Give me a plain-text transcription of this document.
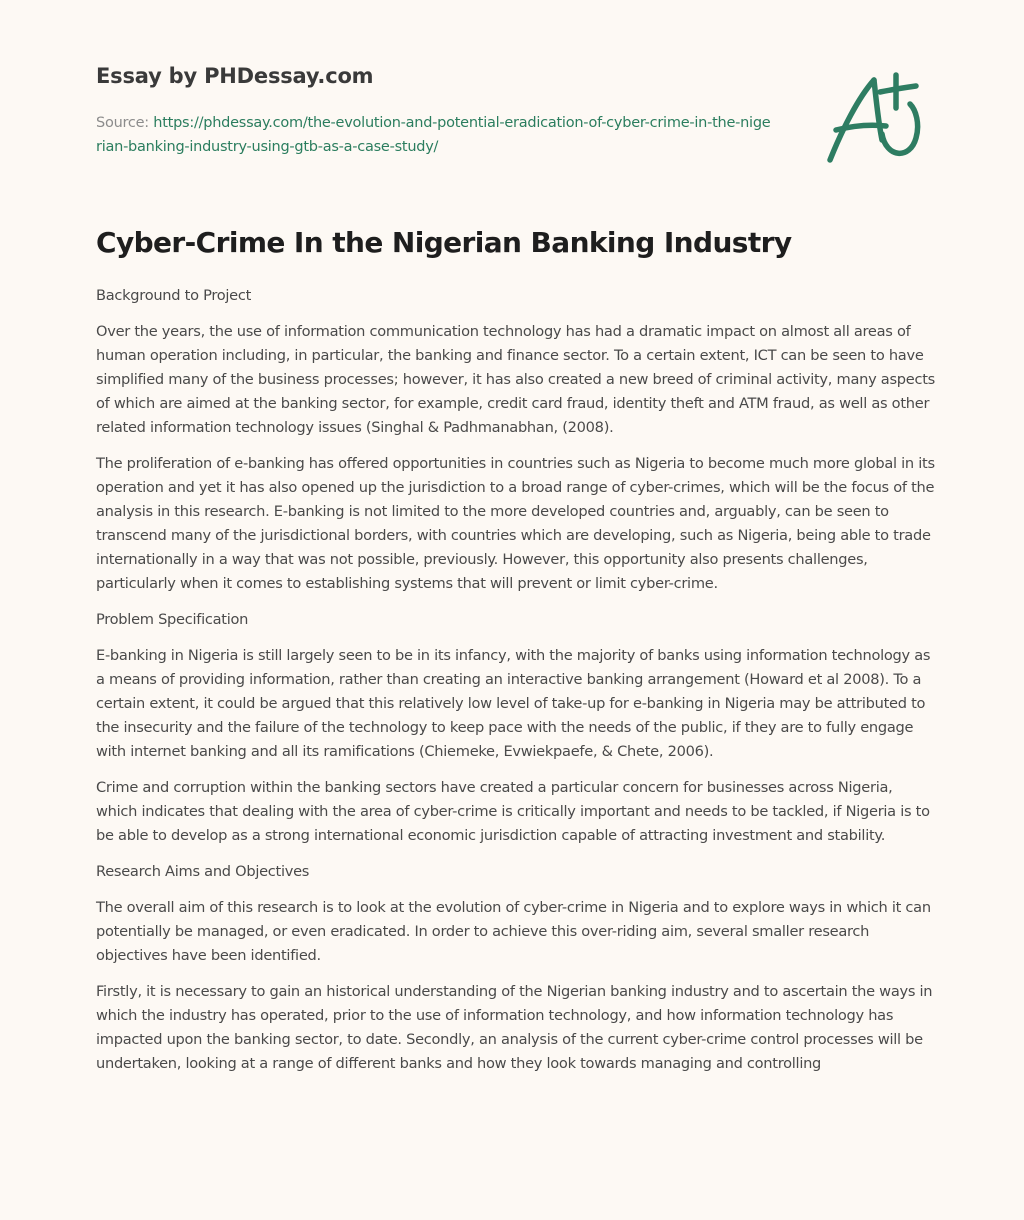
Essay by PHDessay.com
Source: https://phdessay.com/the-evolution-and-potential-eradication-of-cyber-crime-in-the-nigerian-banking-industry-using-gtb-as-a-case-study/
Cyber-Crime In the Nigerian Banking Industry

Background to Project

Over the years, the use of information communication technology has had a dramatic impact on almost all areas of human operation including, in particular, the banking and finance sector. To a certain extent, ICT can be seen to have simplified many of the business processes; however, it has also created a new breed of criminal activity, many aspects of which are aimed at the banking sector, for example, credit card fraud, identity theft and ATM fraud, as well as other related information technology issues (Singhal & Padhmanabhan, (2008).

The proliferation of e-banking has offered opportunities in countries such as Nigeria to become much more global in its operation and yet it has also opened up the jurisdiction to a broad range of cyber-crimes, which will be the focus of the analysis in this research. E-banking is not limited to the more developed countries and, arguably, can be seen to transcend many of the jurisdictional borders, with countries which are developing, such as Nigeria, being able to trade internationally in a way that was not possible, previously. However, this opportunity also presents challenges, particularly when it comes to establishing systems that will prevent or limit cyber-crime.

Problem Specification

E-banking in Nigeria is still largely seen to be in its infancy, with the majority of banks using information technology as a means of providing information, rather than creating an interactive banking arrangement (Howard et al 2008). To a certain extent, it could be argued that this relatively low level of take-up for e-banking in Nigeria may be attributed to the insecurity and the failure of the technology to keep pace with the needs of the public, if they are to fully engage with internet banking and all its ramifications (Chiemeke, Evwiekpaefe, & Chete, 2006).

Crime and corruption within the banking sectors have created a particular concern for businesses across Nigeria, which indicates that dealing with the area of cyber-crime is critically important and needs to be tackled, if Nigeria is to be able to develop as a strong international economic jurisdiction capable of attracting investment and stability.

Research Aims and Objectives

The overall aim of this research is to look at the evolution of cyber-crime in Nigeria and to explore ways in which it can potentially be managed, or even eradicated. In order to achieve this over-riding aim, several smaller research objectives have been identified.

Firstly, it is necessary to gain an historical understanding of the Nigerian banking industry and to ascertain the ways in which the industry has operated, prior to the use of information technology, and how information technology has impacted upon the banking sector, to date. Secondly, an analysis of the current cyber-crime control processes will be undertaken, looking at a range of different banks and how they look towards managing and controlling
